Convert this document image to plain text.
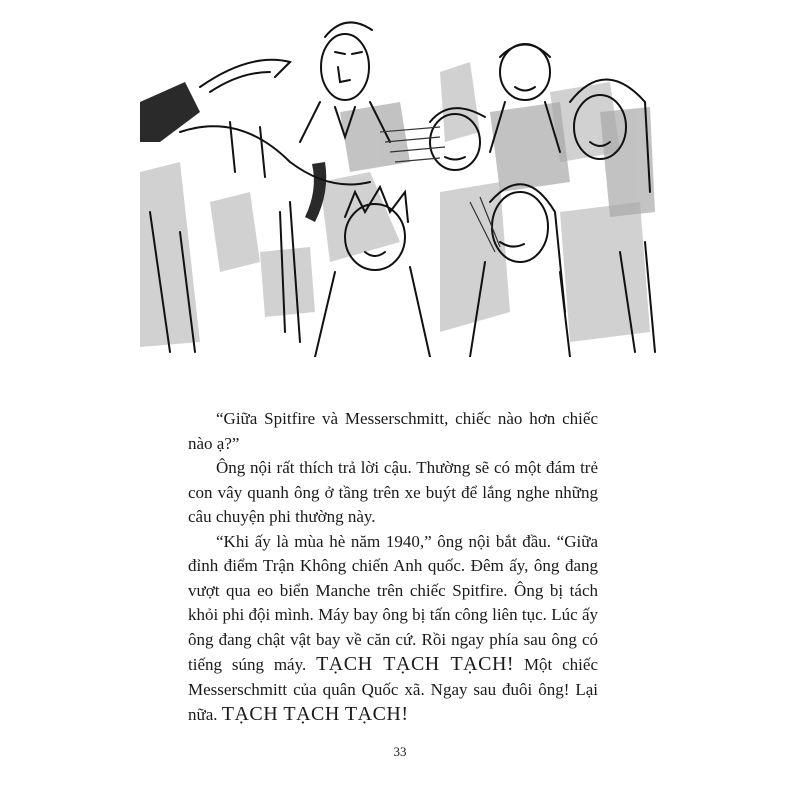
“Giữa Spitfire và Messerschmitt, chiếc nào hơn chiếc nào ạ?”

Ông nội rất thích trả lời cậu. Thường sẽ có một đám trẻ con vây quanh ông ở tầng trên xe buýt để lắng nghe những câu chuyện phi thường này.

“Khi ấy là mùa hè năm 1940,” ông nội bắt đầu. “Giữa đỉnh điểm Trận Không chiến Anh quốc. Đêm ấy, ông đang vượt qua eo biển Manche trên chiếc Spitfire. Ông bị tách khỏi phi đội mình. Máy bay ông bị tấn công liên tục. Lúc ấy ông đang chật vật bay về căn cứ. Rồi ngay phía sau ông có tiếng súng máy. TẠCH TẠCH TẠCH! Một chiếc Messerschmitt của quân Quốc xã. Ngay sau đuôi ông! Lại nữa. TẠCH TẠCH TẠCH!

33
